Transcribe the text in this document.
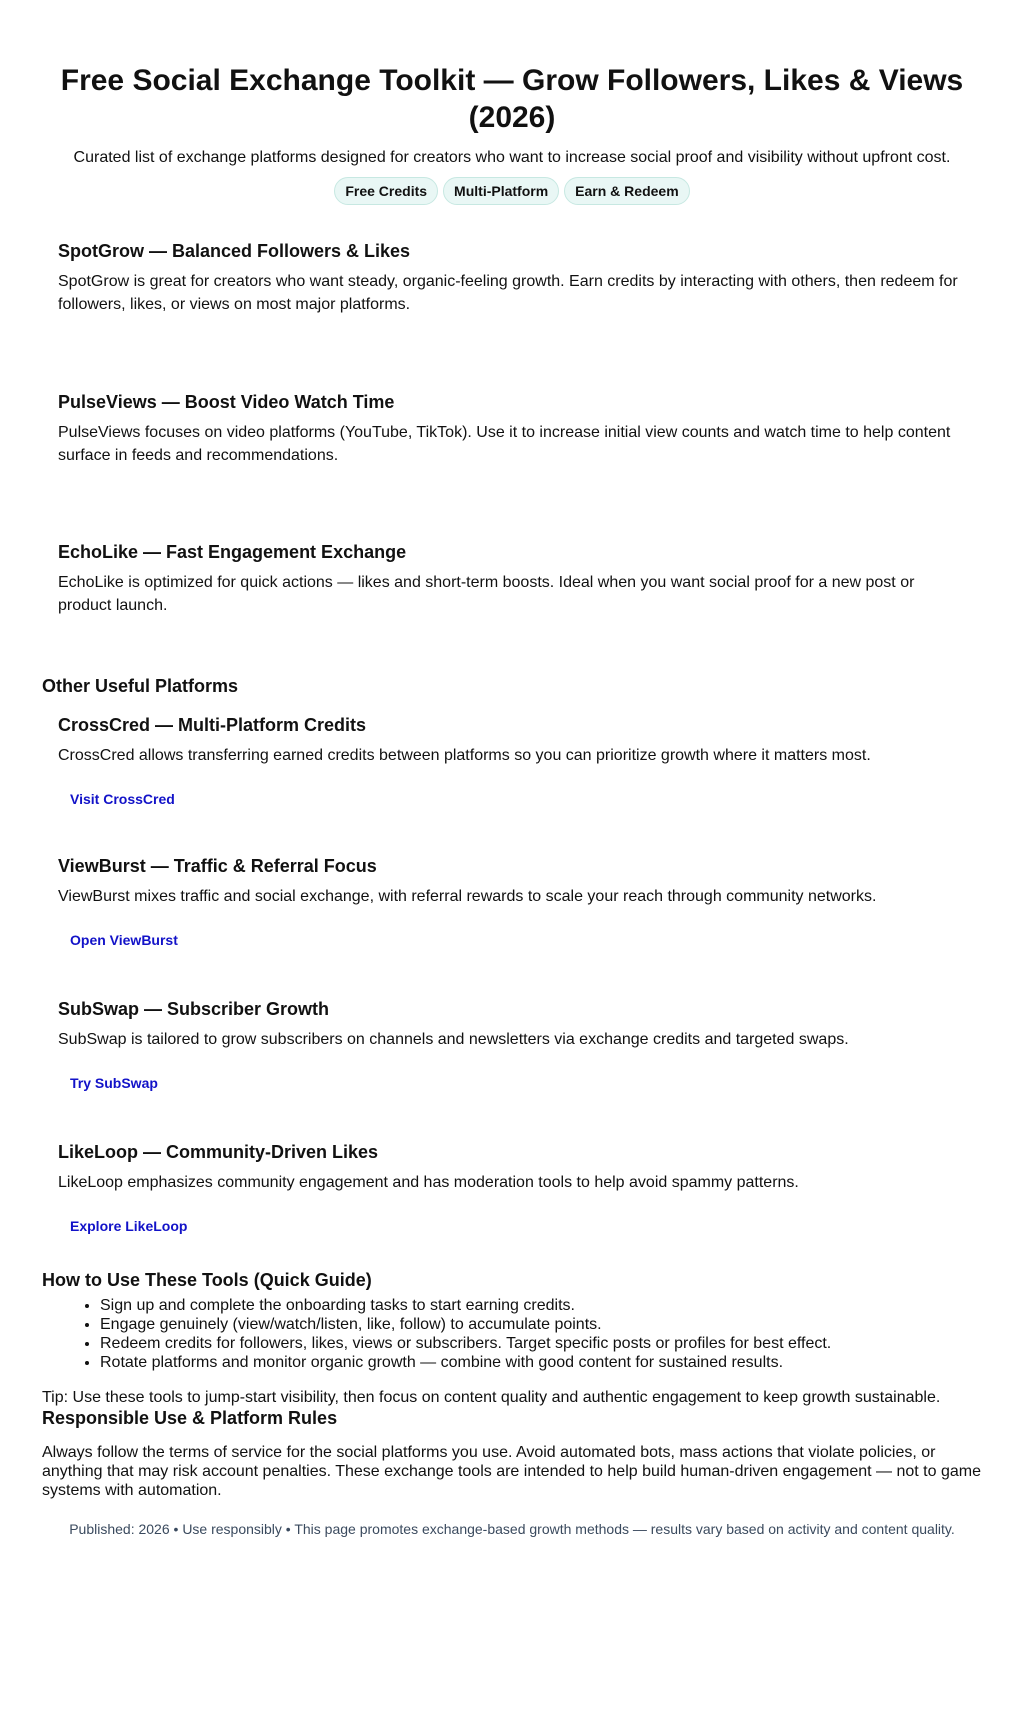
Free Social Exchange Toolkit — Grow Followers, Likes & Views (2026)

Curated list of exchange platforms designed for creators who want to increase social proof and visibility without upfront cost.

Free Credits	Multi-Platform	Earn & Redeem
SpotGrow — Balanced Followers & Likes

SpotGrow is great for creators who want steady, organic-feeling growth. Earn credits by interacting with others, then redeem for followers, likes, or views on most major platforms.

PulseViews — Boost Video Watch Time

PulseViews focuses on video platforms (YouTube, TikTok). Use it to increase initial view counts and watch time to help content surface in feeds and recommendations.

EchoLike — Fast Engagement Exchange

EchoLike is optimized for quick actions — likes and short-term boosts. Ideal when you want social proof for a new post or product launch.

Other Useful Platforms
CrossCred — Multi-Platform Credits

CrossCred allows transferring earned credits between platforms so you can prioritize growth where it matters most.

Visit CrossCred
ViewBurst — Traffic & Referral Focus

ViewBurst mixes traffic and social exchange, with referral rewards to scale your reach through community networks.

Open ViewBurst
SubSwap — Subscriber Growth

SubSwap is tailored to grow subscribers on channels and newsletters via exchange credits and targeted swaps.

Try SubSwap
LikeLoop — Community-Driven Likes

LikeLoop emphasizes community engagement and has moderation tools to help avoid spammy patterns.

Explore LikeLoop
How to Use These Tools (Quick Guide)
• Sign up and complete the onboarding tasks to start earning credits.
• Engage genuinely (view/watch/listen, like, follow) to accumulate points.
• Redeem credits for followers, likes, views or subscribers. Target specific posts or profiles for best effect.
• Rotate platforms and monitor organic growth — combine with good content for sustained results.

Tip: Use these tools to jump-start visibility, then focus on content quality and authentic engagement to keep growth sustainable.

Responsible Use & Platform Rules

Always follow the terms of service for the social platforms you use. Avoid automated bots, mass actions that violate policies, or anything that may risk account penalties. These exchange tools are intended to help build human-driven engagement — not to game systems with automation.

Published: 2026 • Use responsibly • This page promotes exchange-based growth methods — results vary based on activity and content quality.
